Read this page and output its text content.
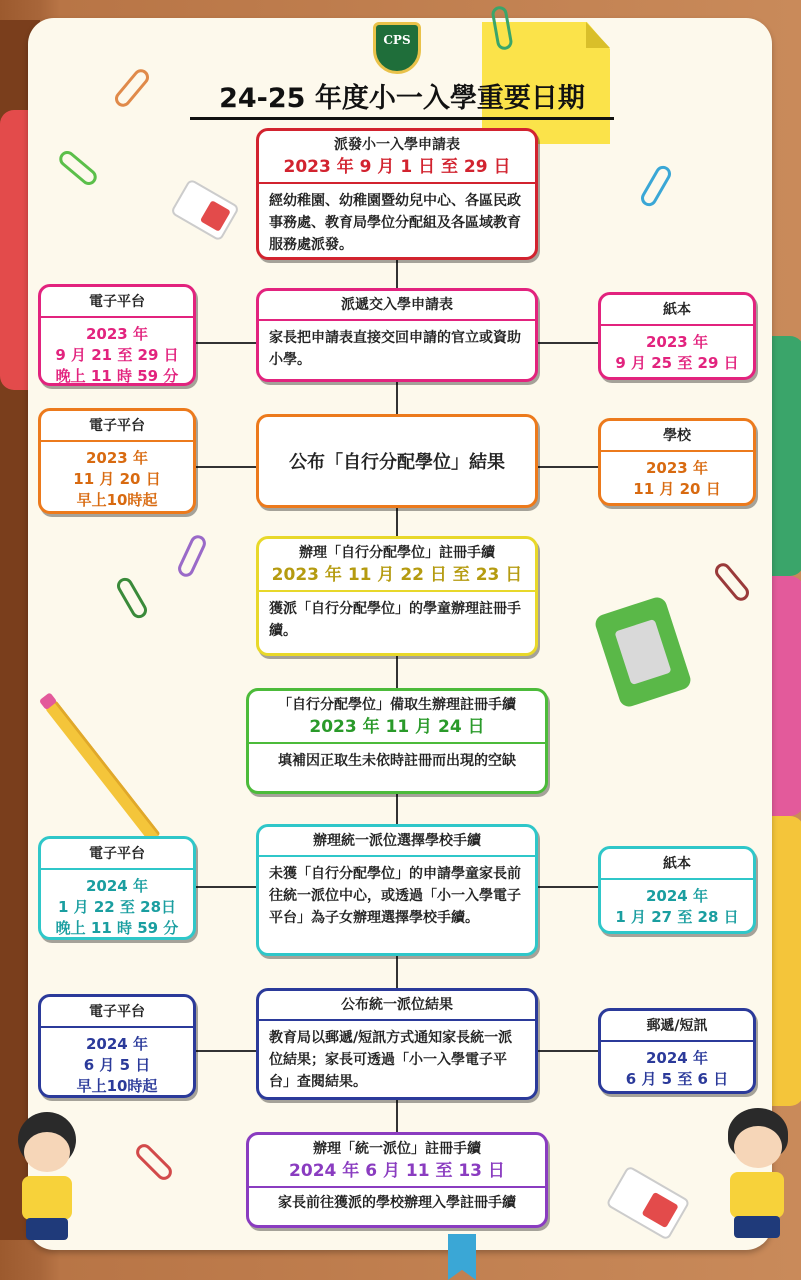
CPS
24-25 年度小一入學重要日期
派發小一入學申請表
2023 年 9 月 1 日 至 29 日
經幼稚園、幼稚園暨幼兒中心、各區民政事務處、教育局學位分配組及各區域教育服務處派發。
派遞交入學申請表
家長把申請表直接交回申請的官立或資助小學。
電子平台
2023 年
9 月 21 至 29 日
晚上 11 時 59 分
紙本
2023 年
9 月 25 至 29 日
公布「自行分配學位」結果
電子平台
2023 年
11 月 20 日
早上10時起
學校
2023 年
11 月 20 日
辦理「自行分配學位」註冊手續
2023 年 11 月 22 日 至 23 日
獲派「自行分配學位」的學童辦理註冊手續。
「自行分配學位」備取生辦理註冊手續
2023 年 11 月 24 日
填補因正取生未依時註冊而出現的空缺
辦理統一派位選擇學校手續
未獲「自行分配學位」的申請學童家長前往統一派位中心，或透過「小一入學電子平台」為子女辦理選擇學校手續。
電子平台
2024 年
1 月 22 至 28日
晚上 11 時 59 分
紙本
2024 年
1 月 27 至 28 日
公布統一派位結果
教育局以郵遞/短訊方式通知家長統一派位結果；家長可透過「小一入學電子平台」查閱結果。
電子平台
2024 年
6 月 5 日
早上10時起
郵遞/短訊
2024 年
6 月 5 至 6 日
辦理「統一派位」註冊手續
2024 年 6 月 11 至 13 日
家長前往獲派的學校辦理入學註冊手續
